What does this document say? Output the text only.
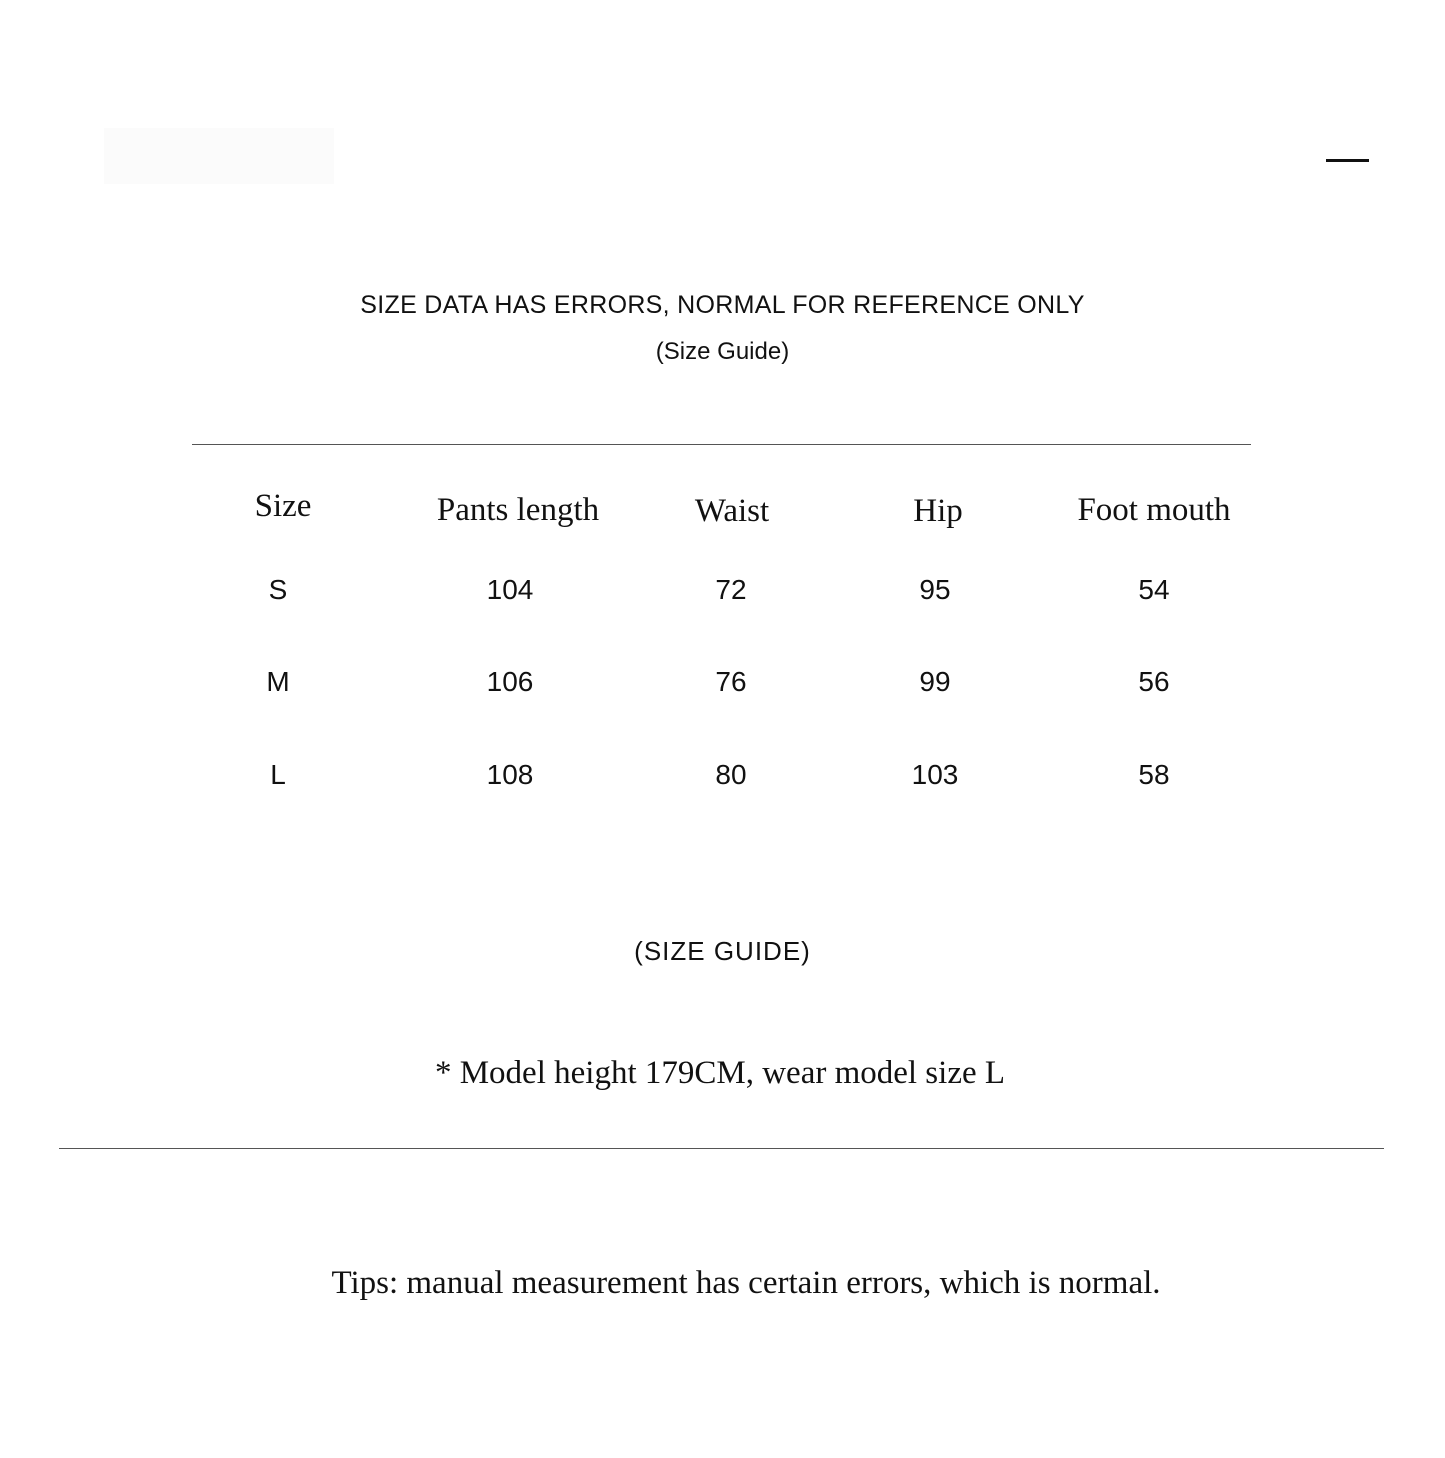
SIZE DATA HAS ERRORS, NORMAL FOR REFERENCE ONLY
(Size Guide)
Size	Pants length	Waist	Hip	Foot mouth
S	104	72	95	54
M	106	76	99	56
L	108	80	103	58
(SIZE GUIDE)
* Model height 179CM, wear model size L
Tips: manual measurement has certain errors, which is normal.
